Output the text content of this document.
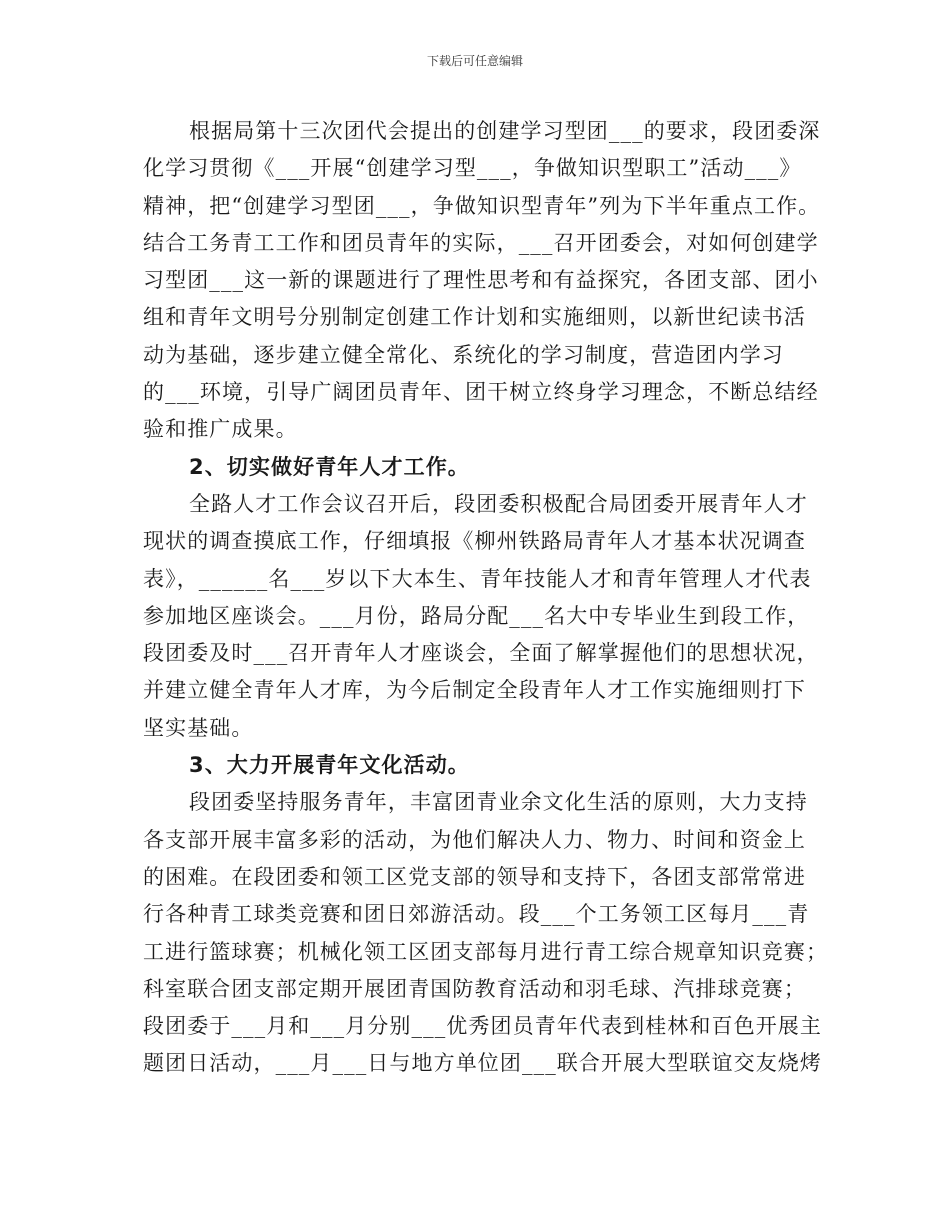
下载后可任意编辑
根据局第十三次团代会提出的创建学习型团___的要求，段团委深
化学习贯彻《___开展“创建学习型___，争做知识型职工”活动___》
精神，把“创建学习型团___，争做知识型青年”列为下半年重点工作。
结合工务青工工作和团员青年的实际，___召开团委会，对如何创建学
习型团___这一新的课题进行了理性思考和有益探究，各团支部、团小
组和青年文明号分别制定创建工作计划和实施细则，以新世纪读书活
动为基础，逐步建立健全常化、系统化的学习制度，营造团内学习
的___环境，引导广阔团员青年、团干树立终身学习理念，不断总结经
验和推广成果。
2、切实做好青年人才工作。
全路人才工作会议召开后，段团委积极配合局团委开展青年人才
现状的调查摸底工作，仔细填报《柳州铁路局青年人才基本状况调查
表》，______名___岁以下大本生、青年技能人才和青年管理人才代表
参加地区座谈会。___月份，路局分配___名大中专毕业生到段工作，
段团委及时___召开青年人才座谈会，全面了解掌握他们的思想状况，
并建立健全青年人才库，为今后制定全段青年人才工作实施细则打下
坚实基础。
3、大力开展青年文化活动。
段团委坚持服务青年，丰富团青业余文化生活的原则，大力支持
各支部开展丰富多彩的活动，为他们解决人力、物力、时间和资金上
的困难。在段团委和领工区党支部的领导和支持下，各团支部常常进
行各种青工球类竞赛和团日郊游活动。段___个工务领工区每月___青
工进行篮球赛；机械化领工区团支部每月进行青工综合规章知识竞赛；
科室联合团支部定期开展团青国防教育活动和羽毛球、汽排球竞赛；
段团委于___月和___月分别___优秀团员青年代表到桂林和百色开展主
题团日活动，___月___日与地方单位团___联合开展大型联谊交友烧烤
